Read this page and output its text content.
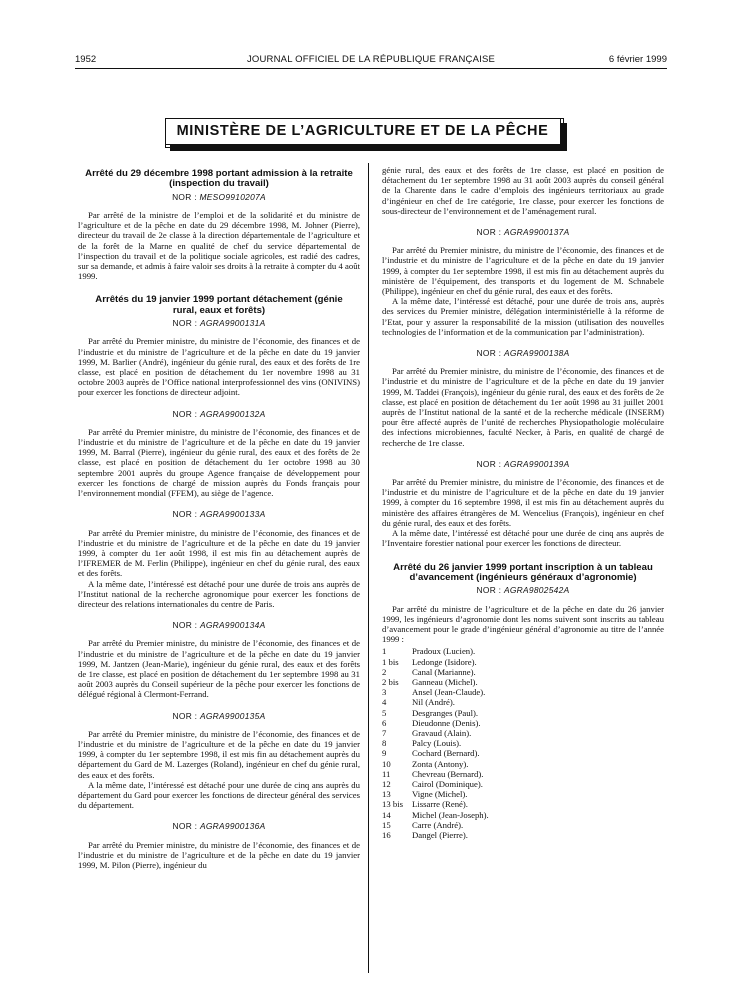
1952	JOURNAL OFFICIEL DE LA RÉPUBLIQUE FRANÇAISE	6 février 1999
MINISTÈRE DE L’AGRICULTURE ET DE LA PÊCHE
Arrêté du 29 décembre 1998 portant admission à la retraite (inspection du travail)
NOR : MESO9910207A

Par arrêté de la ministre de l’emploi et de la solidarité et du ministre de l’agriculture et de la pêche en date du 29 décembre 1998, M. Johner (Pierre), directeur du travail de 2e classe à la direction départementale de l’agriculture et de la forêt de la Marne en qualité de chef du service départemental de l’inspection du travail et de la politique sociale agricoles, est radié des cadres, sur sa demande, et admis à faire valoir ses droits à la retraite à compter du 4 août 1999.

Arrêtés du 19 janvier 1999 portant détachement (génie rural, eaux et forêts)
NOR : AGRA9900131A

Par arrêté du Premier ministre, du ministre de l’économie, des finances et de l’industrie et du ministre de l’agriculture et de la pêche en date du 19 janvier 1999, M. Barlier (André), ingénieur du génie rural, des eaux et des forêts de 1re classe, est placé en position de détachement du 1er novembre 1998 au 31 octobre 2003 auprès de l’Office national interprofessionnel des vins (ONIVINS) pour exercer les fonctions de directeur adjoint.

NOR : AGRA9900132A

Par arrêté du Premier ministre, du ministre de l’économie, des finances et de l’industrie et du ministre de l’agriculture et de la pêche en date du 19 janvier 1999, M. Barral (Pierre), ingénieur du génie rural, des eaux et des forêts de 2e classe, est placé en position de détachement du 1er octobre 1998 au 30 septembre 2001 auprès du groupe Agence française de développement pour exercer les fonctions de chargé de mission auprès du Fonds français pour l’environnement mondial (FFEM), au siège de l’agence.

NOR : AGRA9900133A

Par arrêté du Premier ministre, du ministre de l’économie, des finances et de l’industrie et du ministre de l’agriculture et de la pêche en date du 19 janvier 1999, à compter du 1er août 1998, il est mis fin au détachement auprès de l’IFREMER de M. Ferlin (Philippe), ingénieur en chef du génie rural, des eaux et des forêts.

A la même date, l’intéressé est détaché pour une durée de trois ans auprès de l’Institut national de la recherche agronomique pour exercer les fonctions de directeur des relations internationales du centre de Paris.

NOR : AGRA9900134A

Par arrêté du Premier ministre, du ministre de l’économie, des finances et de l’industrie et du ministre de l’agriculture et de la pêche en date du 19 janvier 1999, M. Jantzen (Jean-Marie), ingénieur du génie rural, des eaux et des forêts de 1re classe, est placé en position de détachement du 1er septembre 1998 au 31 août 2003 auprès du Conseil supérieur de la pêche pour exercer les fonctions de délégué régional à Clermont-Ferrand.

NOR : AGRA9900135A

Par arrêté du Premier ministre, du ministre de l’économie, des finances et de l’industrie et du ministre de l’agriculture et de la pêche en date du 19 janvier 1999, à compter du 1er septembre 1998, il est mis fin au détachement auprès du département du Gard de M. Lazerges (Roland), ingénieur en chef du génie rural, des eaux et des forêts.

A la même date, l’intéressé est détaché pour une durée de cinq ans auprès du département du Gard pour exercer les fonctions de directeur général des services du département.

NOR : AGRA9900136A

Par arrêté du Premier ministre, du ministre de l’économie, des finances et de l’industrie et du ministre de l’agriculture et de la pêche en date du 19 janvier 1999, M. Pilon (Pierre), ingénieur du

génie rural, des eaux et des forêts de 1re classe, est placé en position de détachement du 1er septembre 1998 au 31 août 2003 auprès du conseil général de la Charente dans le cadre d’emplois des ingénieurs territoriaux au grade d’ingénieur en chef de 1re catégorie, 1re classe, pour exercer les fonctions de sous-directeur de l’environnement et de l’aménagement rural.

NOR : AGRA9900137A

Par arrêté du Premier ministre, du ministre de l’économie, des finances et de l’industrie et du ministre de l’agriculture et de la pêche en date du 19 janvier 1999, à compter du 1er septembre 1998, il est mis fin au détachement auprès du ministère de l’équipement, des transports et du logement de M. Schnabele (Philippe), ingénieur en chef du génie rural, des eaux et des forêts.

A la même date, l’intéressé est détaché, pour une durée de trois ans, auprès des services du Premier ministre, délégation interministérielle à la réforme de l’Etat, pour y assurer la responsabilité de la mission (utilisation des nouvelles technologies de l’information et de la communication par l’administration).

NOR : AGRA9900138A

Par arrêté du Premier ministre, du ministre de l’économie, des finances et de l’industrie et du ministre de l’agriculture et de la pêche en date du 19 janvier 1999, M. Taddei (François), ingénieur du génie rural, des eaux et des forêts de 2e classe, est placé en position de détachement du 1er août 1998 au 31 juillet 2001 auprès de l’Institut national de la santé et de la recherche médicale (INSERM) pour être affecté auprès de l’unité de recherches Physiopathologie moléculaire des infections microbiennes, faculté Necker, à Paris, en qualité de chargé de recherche de 1re classe.

NOR : AGRA9900139A

Par arrêté du Premier ministre, du ministre de l’économie, des finances et de l’industrie et du ministre de l’agriculture et de la pêche en date du 19 janvier 1999, à compter du 16 septembre 1998, il est mis fin au détachement auprès du ministère des affaires étrangères de M. Wencelius (François), ingénieur en chef du génie rural, des eaux et des forêts.

A la même date, l’intéressé est détaché pour une durée de cinq ans auprès de l’Inventaire forestier national pour exercer les fonctions de directeur.

Arrêté du 26 janvier 1999 portant inscription à un tableau d’avancement (ingénieurs généraux d’agronomie)
NOR : AGRA9802542A

Par arrêté du ministre de l’agriculture et de la pêche en date du 26 janvier 1999, les ingénieurs d’agronomie dont les noms suivent sont inscrits au tableau d’avancement pour le grade d’ingénieur général d’agronomie au titre de l’année 1999 :

1	Pradoux (Lucien).
1 bis	Ledonge (Isidore).
2	Canal (Marianne).
2 bis	Ganneau (Michel).
3	Ansel (Jean-Claude).
4	Nil (André).
5	Desgranges (Paul).
6	Dieudonne (Denis).
7	Gravaud (Alain).
8	Palcy (Louis).
9	Cochard (Bernard).
10	Zonta (Antony).
11	Chevreau (Bernard).
12	Cairol (Dominique).
13	Vigne (Michel).
13 bis	Lissarre (René).
14	Michel (Jean-Joseph).
15	Carre (André).
16	Dangel (Pierre).
